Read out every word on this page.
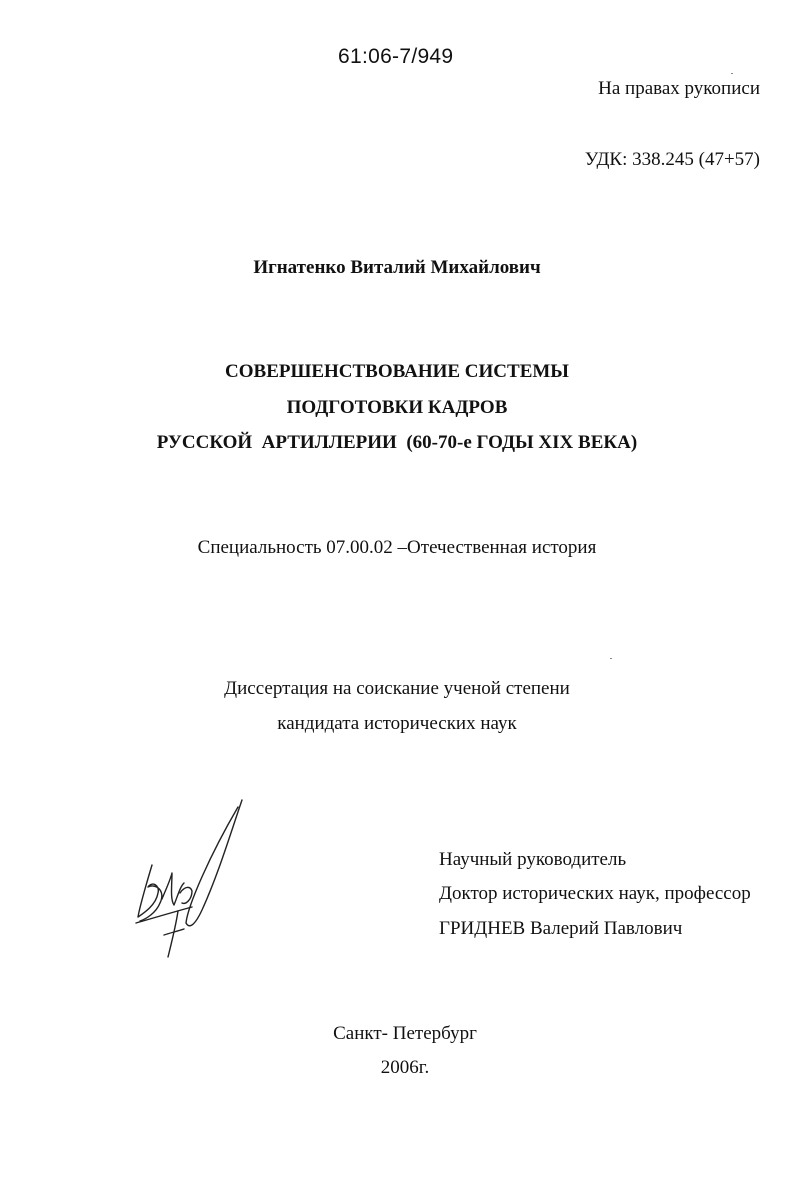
61:06-7/949
На правах рукописи
УДК: 338.245 (47+57)
Игнатенко Виталий Михайлович
СОВЕРШЕНСТВОВАНИЕ СИСТЕМЫ
ПОДГОТОВКИ КАДРОВ
РУССКОЙ  АРТИЛЛЕРИИ  (60-70-е ГОДЫ XIX ВЕКА)
Специальность 07.00.02 –Отечественная история
Диссертация на соискание ученой степени
кандидата исторических наук
Научный руководитель
Доктор исторических наук, профессор
ГРИДНЕВ Валерий Павлович
Санкт- Петербург
2006г.
